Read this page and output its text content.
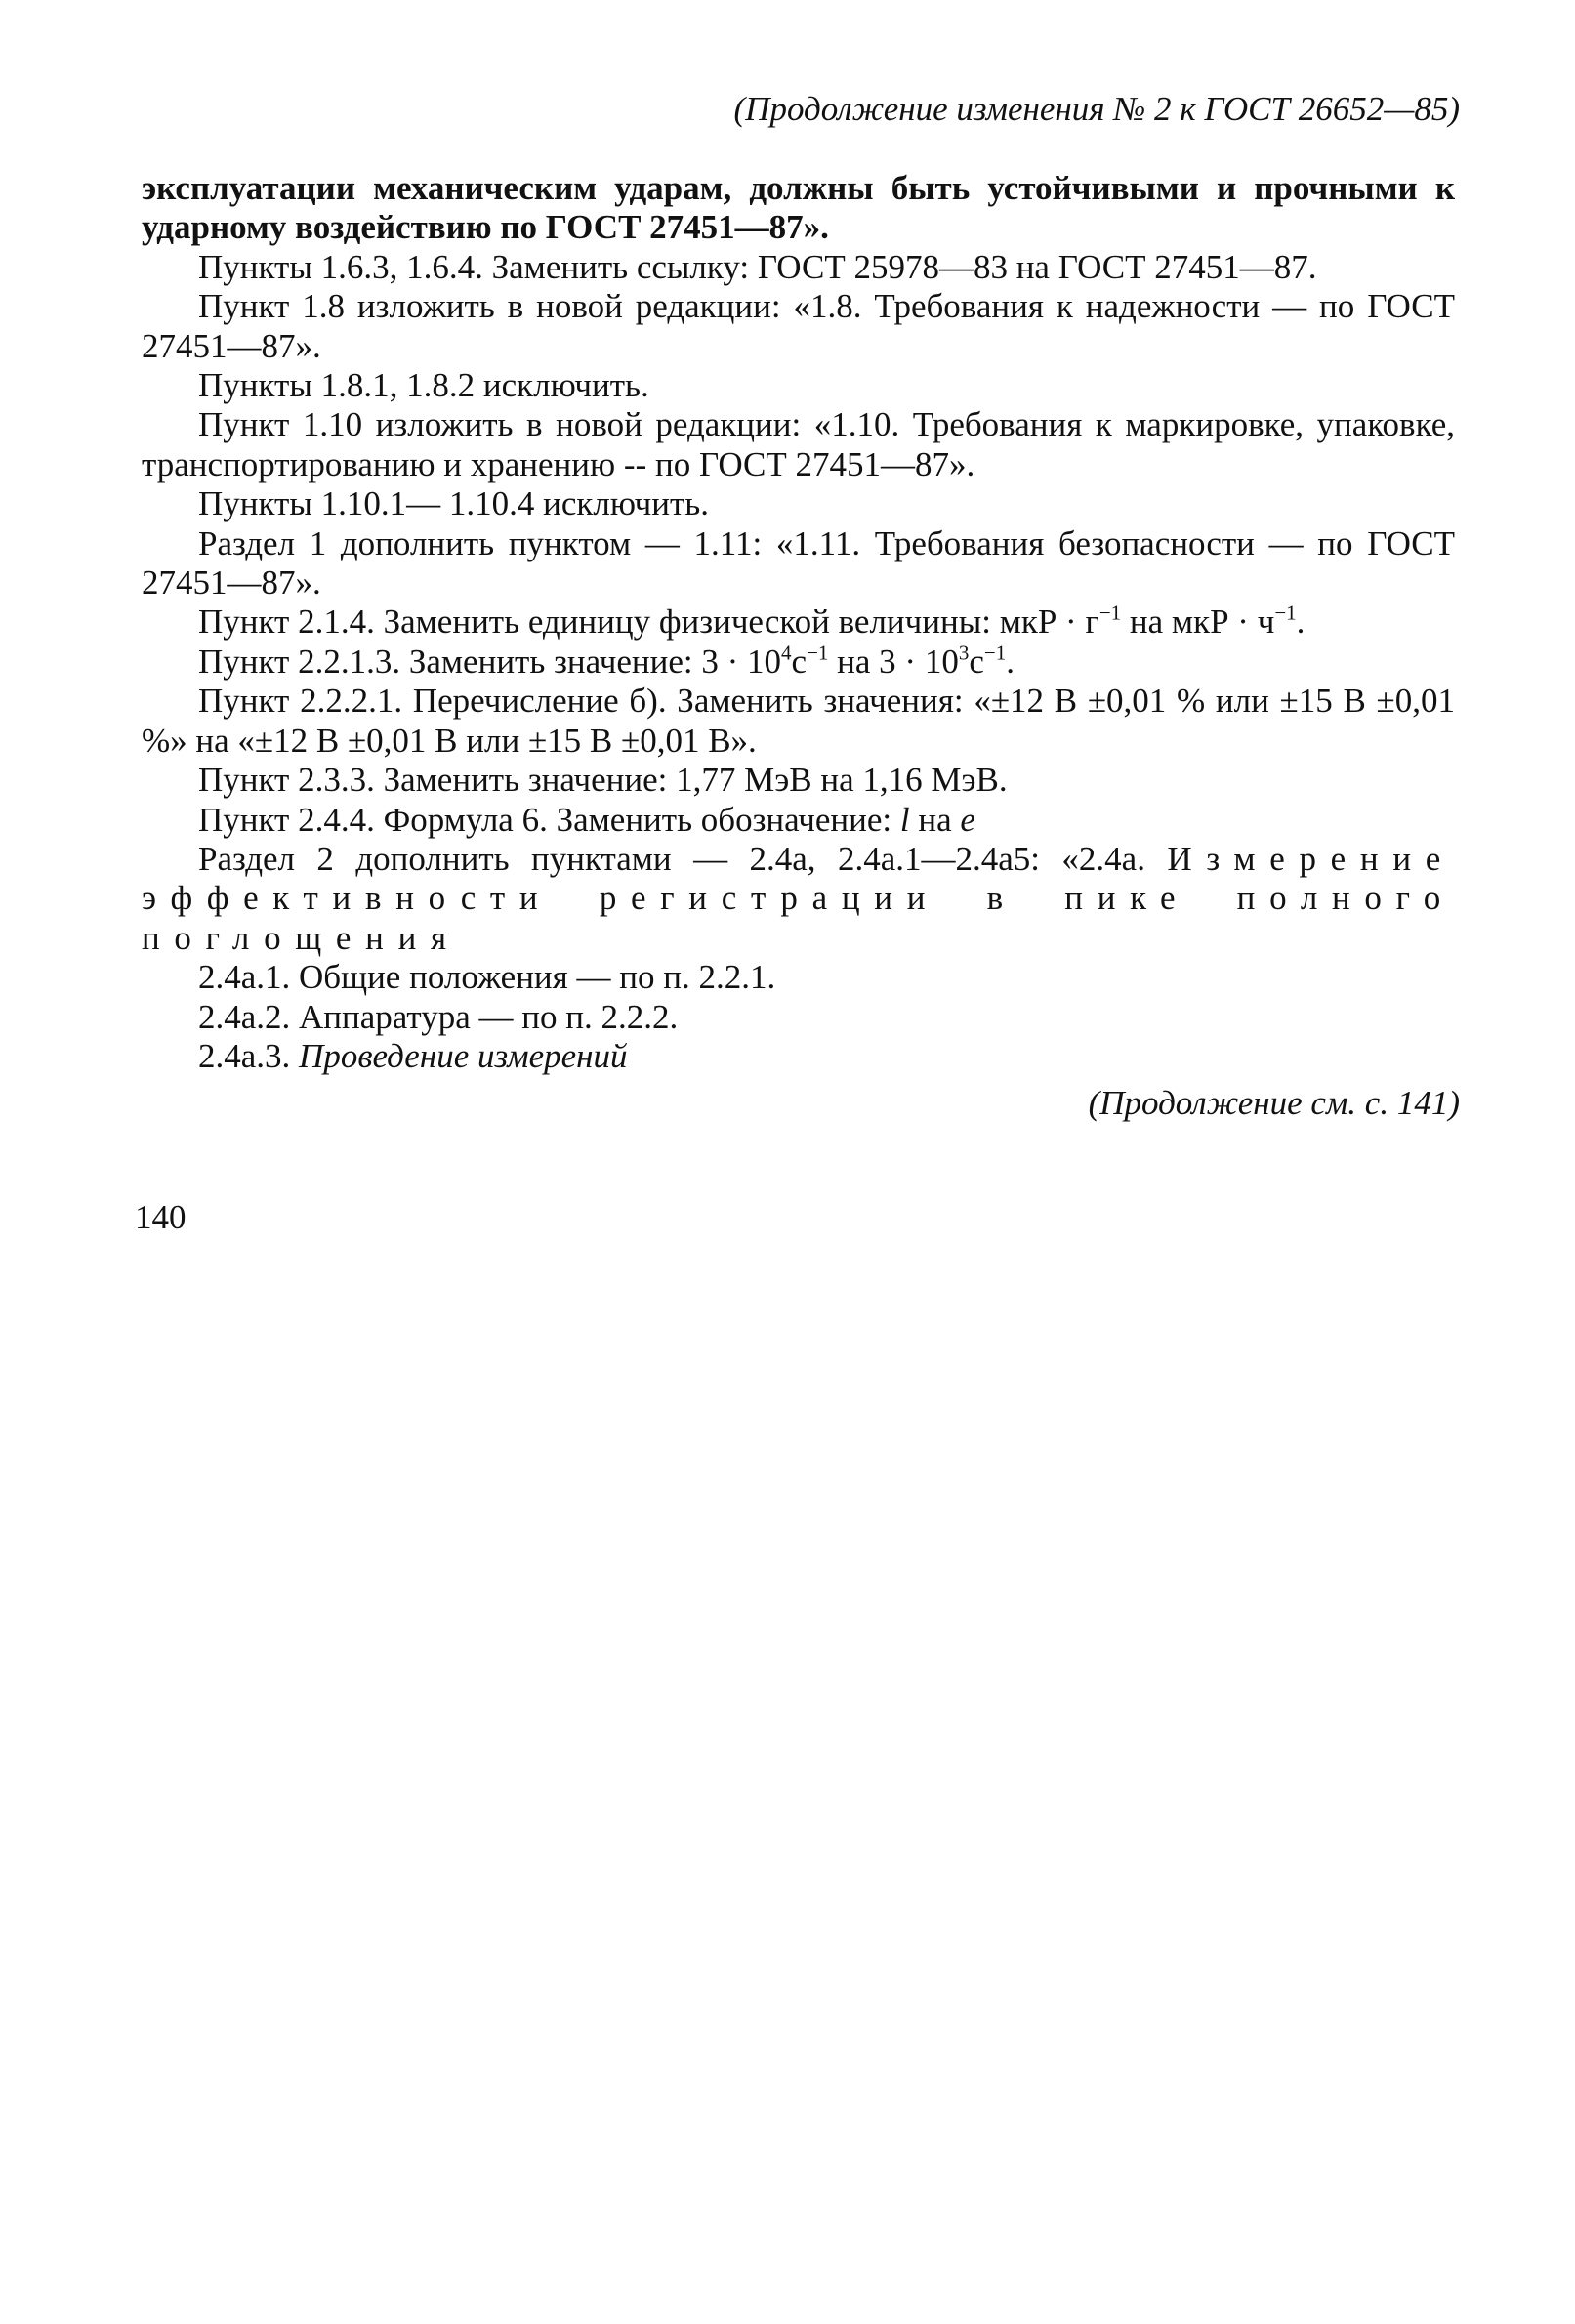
(Продолжение изменения № 2 к ГОСТ 26652—85)

эксплуатации механическим ударам, должны быть устойчивыми и прочными к ударному воздействию по ГОСТ 27451—87».

Пункты 1.6.3, 1.6.4. Заменить ссылку: ГОСТ 25978—83 на ГОСТ 27451—87.

Пункт 1.8 изложить в новой редакции: «1.8. Требования к надежности — по ГОСТ 27451—87».

Пункты 1.8.1, 1.8.2 исключить.

Пункт 1.10 изложить в новой редакции: «1.10. Требования к маркировке, упаковке, транспортированию и хранению -- по ГОСТ 27451—87».

Пункты 1.10.1— 1.10.4 исключить.

Раздел 1 дополнить пунктом — 1.11: «1.11. Требования безопасности — по ГОСТ 27451—87».

Пункт 2.1.4. Заменить единицу физической величины: мкР · $г^{-1}$ на мкР · $ч^{-1}$.

Пункт 2.2.1.3. Заменить значение: $3 \cdot 10^4с^{-1}$ на $3 \cdot 10^3с^{-1}$.

Пункт 2.2.2.1. Перечисление б). Заменить значения: «±12 В ±0,01 % или ±15 В ±0,01 %» на «±12 В ±0,01 В или ±15 В ±0,01 В».

Пункт 2.3.3. Заменить значение: 1,77 МэВ на 1,16 МэВ.

Пункт 2.4.4. Формула 6. Заменить обозначение: l на e

Раздел 2 дополнить пунктами — 2.4а, 2.4а.1—2.4а5: «2.4а. Измерение эффективности регистрации в пике полного поглощения

2.4а.1. Общие положения — по п. 2.2.1.

2.4а.2. Аппаратура — по п. 2.2.2.

2.4а.3. Проведение измерений

(Продолжение см. с. 141)
140
